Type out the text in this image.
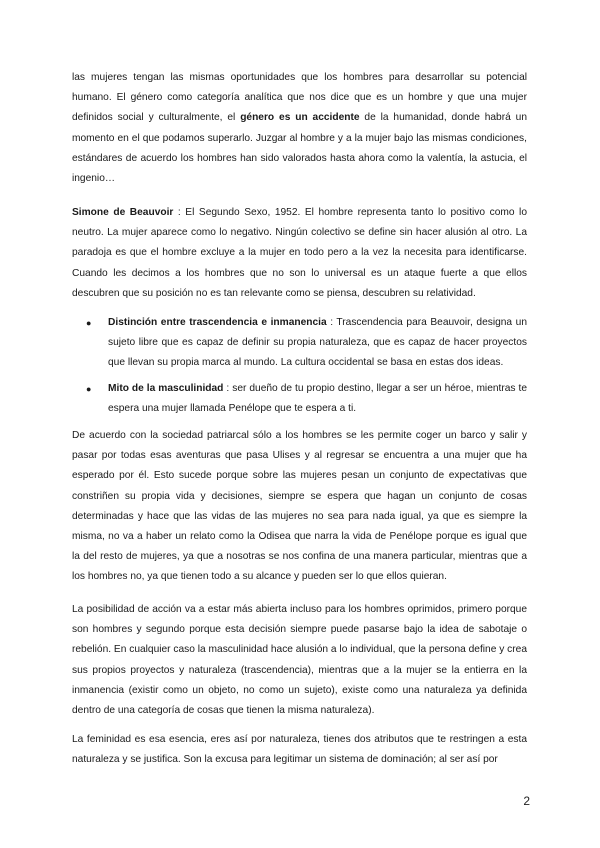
las mujeres tengan las mismas oportunidades que los hombres para desarrollar su potencial humano. El género como categoría analítica que nos dice que es un hombre y que una mujer definidos social y culturalmente, el género es un accidente de la humanidad, donde habrá un momento en el que podamos superarlo. Juzgar al hombre y a la mujer bajo las mismas condiciones, estándares de acuerdo los hombres han sido valorados hasta ahora como la valentía, la astucia, el ingenio…

Simone de Beauvoir : El Segundo Sexo, 1952. El hombre representa tanto lo positivo como lo neutro. La mujer aparece como lo negativo. Ningún colectivo se define sin hacer alusión al otro. La paradoja es que el hombre excluye a la mujer en todo pero a la vez la necesita para identificarse. Cuando les decimos a los hombres que no son lo universal es un ataque fuerte a que ellos descubren que su posición no es tan relevante como se piensa, descubren su relatividad.

● Distinción entre trascendencia e inmanencia : Trascendencia para Beauvoir, designa un sujeto libre que es capaz de definir su propia naturaleza, que es capaz de hacer proyectos que llevan su propia marca al mundo. La cultura occidental se basa en estas dos ideas.
● Mito de la masculinidad : ser dueño de tu propio destino, llegar a ser un héroe, mientras te espera una mujer llamada Penélope que te espera a ti.

De acuerdo con la sociedad patriarcal sólo a los hombres se les permite coger un barco y salir y pasar por todas esas aventuras que pasa Ulises y al regresar se encuentra a una mujer que ha esperado por él. Esto sucede porque sobre las mujeres pesan un conjunto de expectativas que constriñen su propia vida y decisiones, siempre se espera que hagan un conjunto de cosas determinadas y hace que las vidas de las mujeres no sea para nada igual, ya que es siempre la misma, no va a haber un relato como la Odisea que narra la vida de Penélope porque es igual que la del resto de mujeres, ya que a nosotras se nos confina de una manera particular, mientras que a los hombres no, ya que tienen todo a su alcance y pueden ser lo que ellos quieran.

La posibilidad de acción va a estar más abierta incluso para los hombres oprimidos, primero porque son hombres y segundo porque esta decisión siempre puede pasarse bajo la idea de sabotaje o rebelión. En cualquier caso la masculinidad hace alusión a lo individual, que la persona define y crea sus propios proyectos y naturaleza (trascendencia), mientras que a la mujer se la entierra en la inmanencia (existir como un objeto, no como un sujeto), existe como una naturaleza ya definida dentro de una categoría de cosas que tienen la misma naturaleza).

La feminidad es esa esencia, eres así por naturaleza, tienes dos atributos que te restringen a esta naturaleza y se justifica. Son la excusa para legitimar un sistema de dominación; al ser así por

2
